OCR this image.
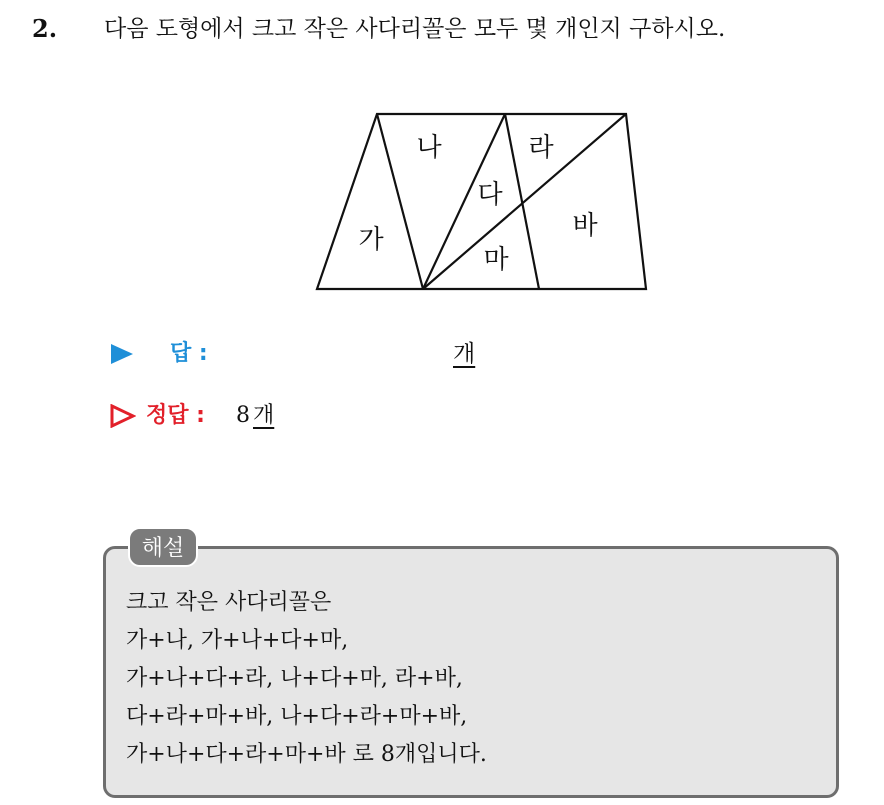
2. 다음 도형에서 크고 작은 사다리꼴은 모두 몇 개인지 구하시오.
가
나
다
라
마
바
답 :	개
정답 : 8 개
해설
크고 작은 사다리꼴은
가+나, 가+나+다+마,
가+나+다+라, 나+다+마, 라+바,
다+라+마+바, 나+다+라+마+바,
가+나+다+라+마+바 로 8개입니다.
